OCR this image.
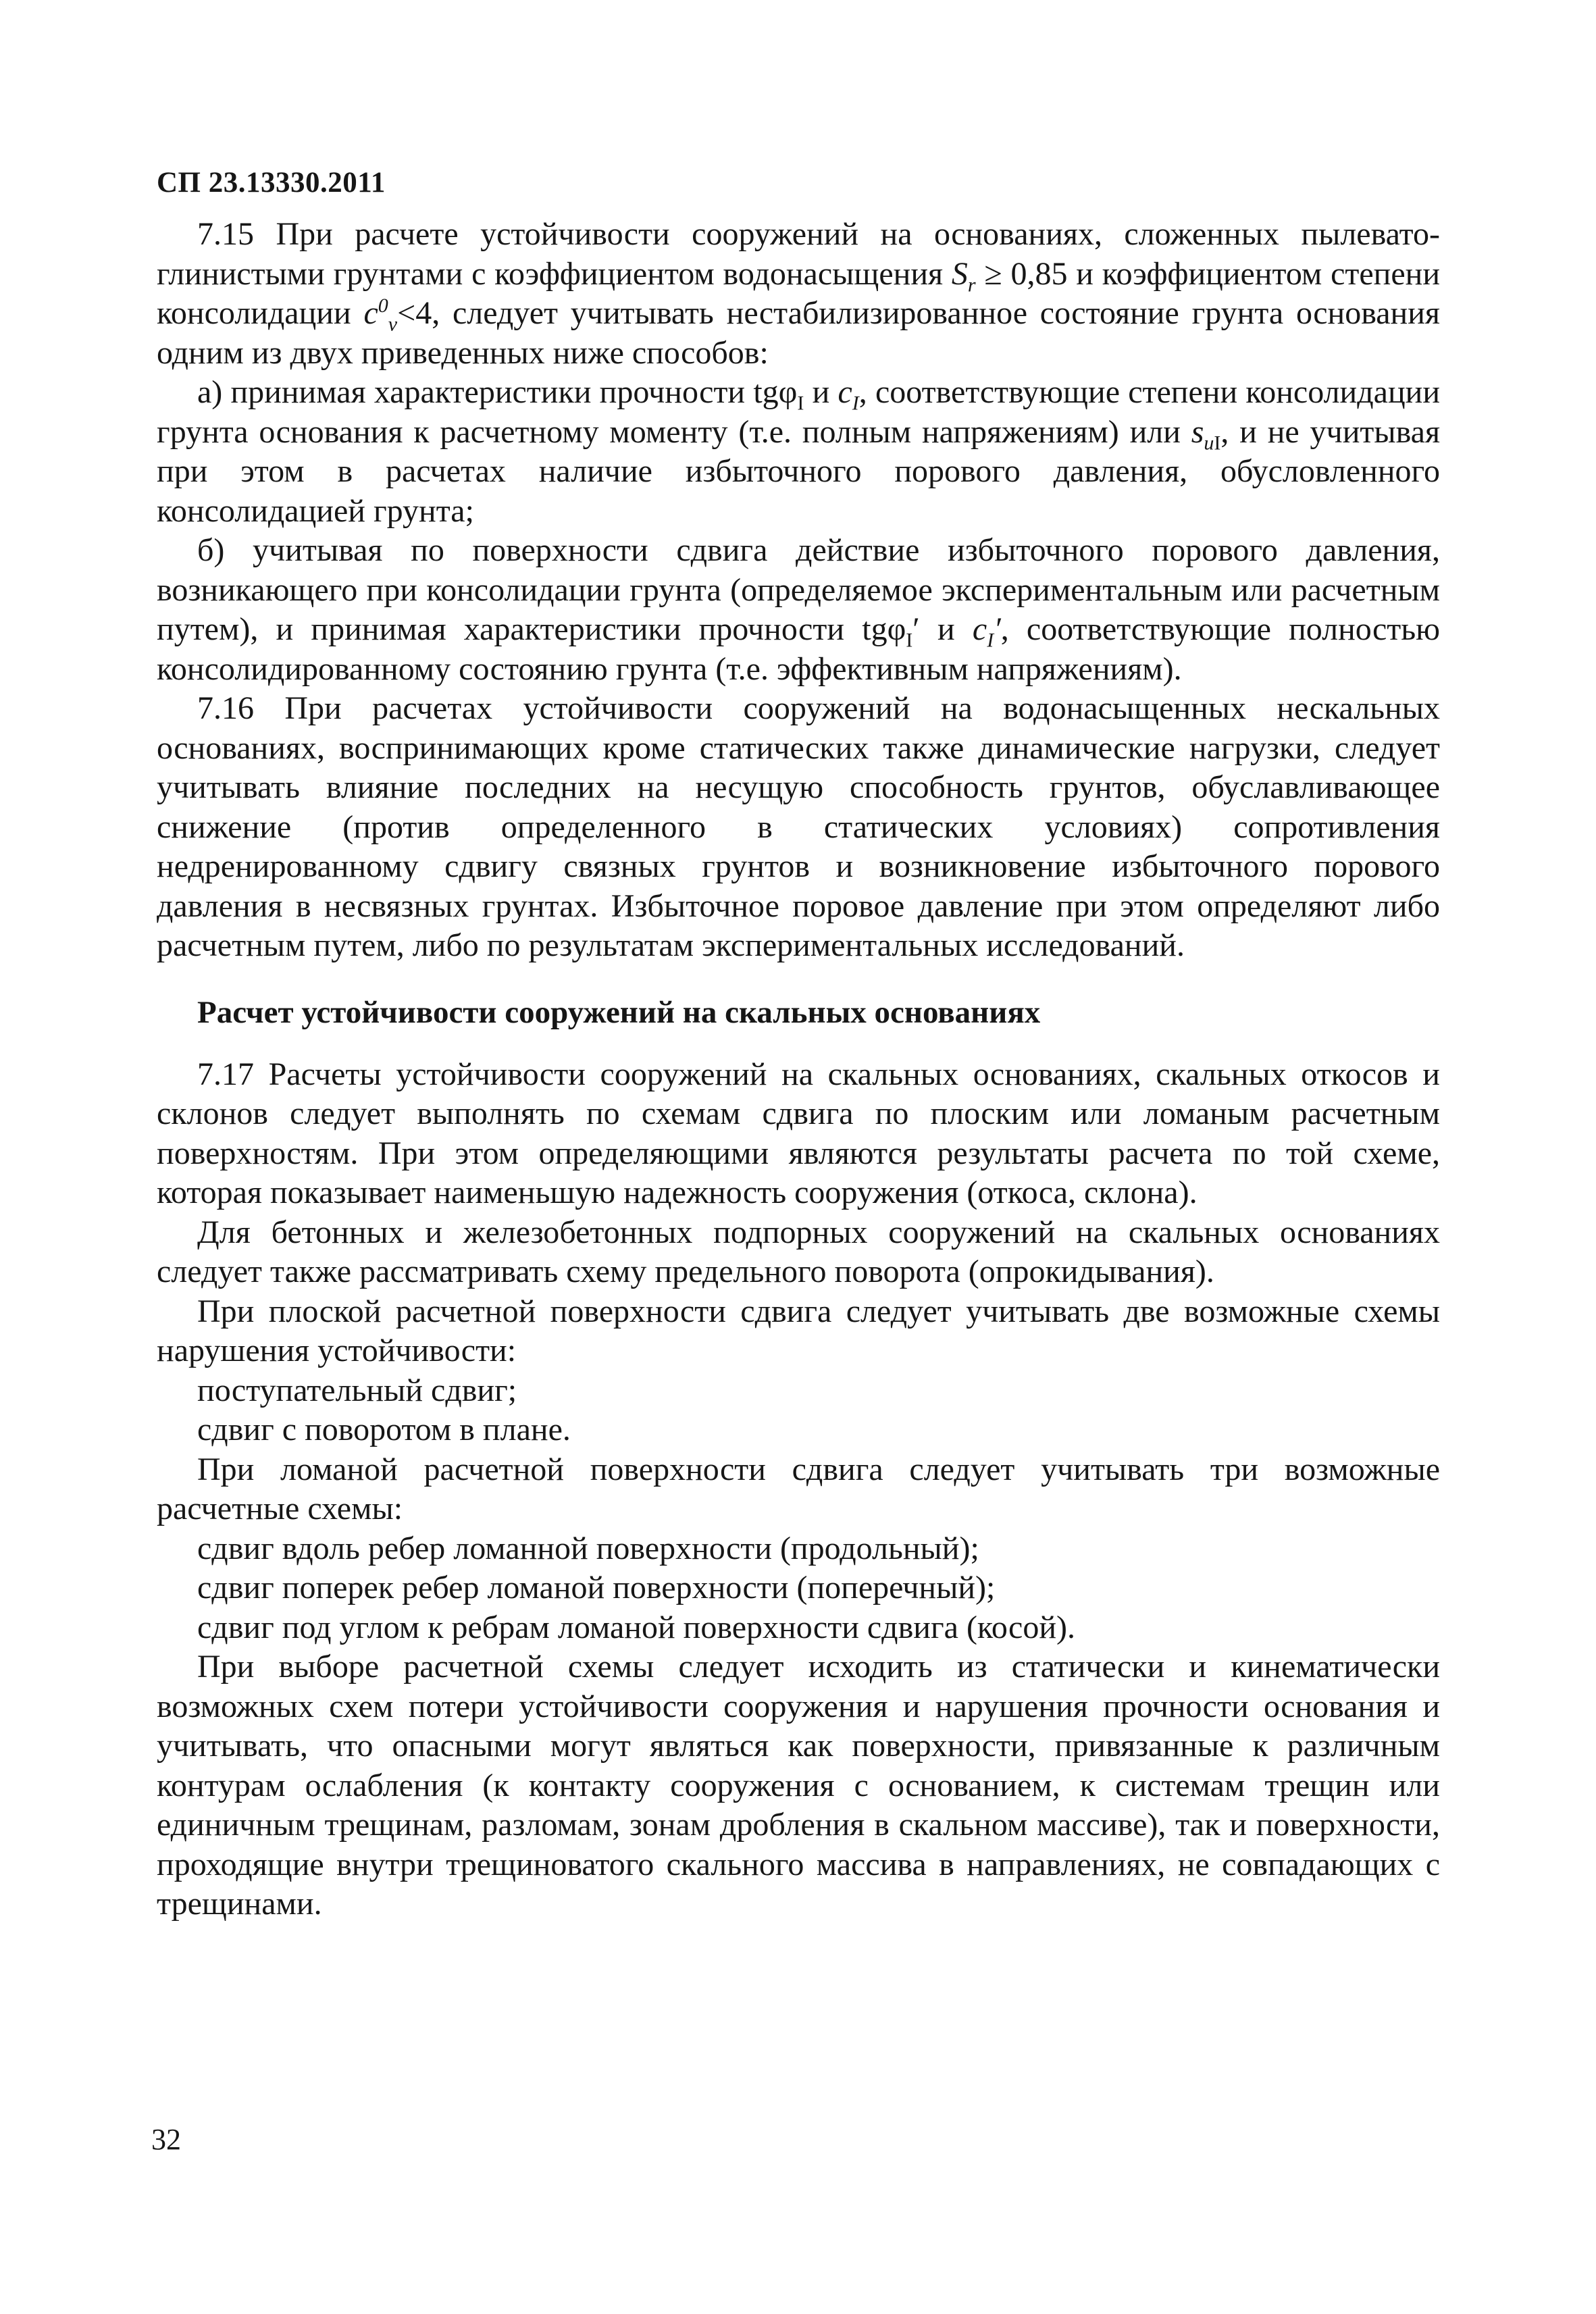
СП 23.13330.2011

7.15 При расчете устойчивости сооружений на основаниях, сложенных пылевато-глинистыми грунтами с коэффициентом водонасыщения $S_r \ge 0,85$ и коэффициентом степени консолидации $c^0_v<4$, следует учитывать нестабилизированное состояние грунта основания одним из двух приведенных ниже способов:

а) принимая характеристики прочности tgφ$_I$ и $c_I$, соответствующие степени консолидации грунта основания к расчетному моменту (т.е. полным напряжениям) или $s_{uI}$, и не учитывая при этом в расчетах наличие избыточного порового давления, обусловленного консолидацией грунта;

б) учитывая по поверхности сдвига действие избыточного порового давления, возникающего при консолидации грунта (определяемое экспериментальным или расчетным путем), и принимая характеристики прочности tgφ$_I$′ и $c_I'$, соответствующие полностью консолидированному состоянию грунта (т.е. эффективным напряжениям).

7.16 При расчетах устойчивости сооружений на водонасыщенных нескальных основаниях, воспринимающих кроме статических также динамические нагрузки, следует учитывать влияние последних на несущую способность грунтов, обуславливающее снижение (против определенного в статических условиях) сопротивления недренированному сдвигу связных грунтов и возникновение избыточного порового давления в несвязных грунтах. Избыточное поровое давление при этом определяют либо расчетным путем, либо по результатам экспериментальных исследований.

Расчет устойчивости сооружений на скальных основаниях

7.17 Расчеты устойчивости сооружений на скальных основаниях, скальных откосов и склонов следует выполнять по схемам сдвига по плоским или ломаным расчетным поверхностям. При этом определяющими являются результаты расчета по той схеме, которая показывает наименьшую надежность сооружения (откоса, склона).

Для бетонных и железобетонных подпорных сооружений на скальных основаниях следует также рассматривать схему предельного поворота (опрокидывания).

При плоской расчетной поверхности сдвига следует учитывать две возможные схемы нарушения устойчивости:

поступательный сдвиг;

сдвиг с поворотом в плане.

При ломаной расчетной поверхности сдвига следует учитывать три возможные расчетные схемы:

сдвиг вдоль ребер ломанной поверхности (продольный);

сдвиг поперек ребер ломаной поверхности (поперечный);

сдвиг под углом к ребрам ломаной поверхности сдвига (косой).

При выборе расчетной схемы следует исходить из статически и кинематически возможных схем потери устойчивости сооружения и нарушения прочности основания и учитывать, что опасными могут являться как поверхности, привязанные к различным контурам ослабления (к контакту сооружения с основанием, к системам трещин или единичным трещинам, разломам, зонам дробления в скальном массиве), так и поверхности, проходящие внутри трещиноватого скального массива в направлениях, не совпадающих с трещинами.

32
